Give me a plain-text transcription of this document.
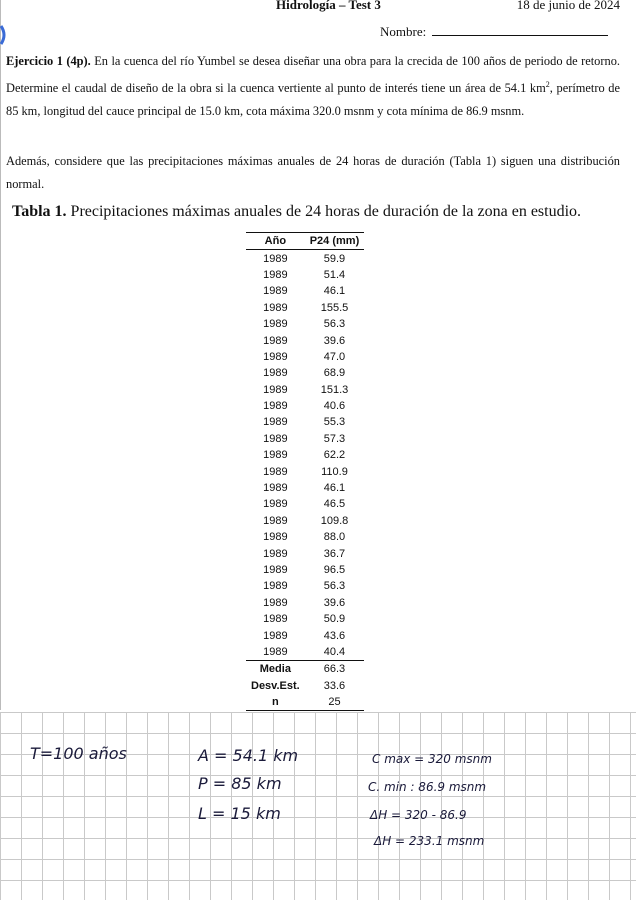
Hidrología – Test 3	18 de junio de 2024
Nombre:
Ejercicio 1 (4p). En la cuenca del río Yumbel se desea diseñar una obra para la crecida de 100 años de periodo de retorno. Determine el caudal de diseño de la obra si la cuenca vertiente al punto de interés tiene un área de 54.1 $km^2$, perímetro de 85 km, longitud del cauce principal de 15.0 km, cota máxima 320.0 msnm y cota mínima de 86.9 msnm.
Además, considere que las precipitaciones máximas anuales de 24 horas de duración (Tabla 1) siguen una distribución normal.
Tabla 1. Precipitaciones máximas anuales de 24 horas de duración de la zona en estudio.
Año	P24 (mm)
1989	59.9
1989	51.4
1989	46.1
1989	155.5
1989	56.3
1989	39.6
1989	47.0
1989	68.9
1989	151.3
1989	40.6
1989	55.3
1989	57.3
1989	62.2
1989	110.9
1989	46.1
1989	46.5
1989	109.8
1989	88.0
1989	36.7
1989	96.5
1989	56.3
1989	39.6
1989	50.9
1989	43.6
1989	40.4
Media	66.3
Desv.Est.	33.6
n	25
T=100 años	A = 54.1 km
P = 85 km
L = 15 km
C max = 320 msnm
C. min : 86.9 msnm
ΔH = 320 - 86.9
ΔH = 233.1 msnm
